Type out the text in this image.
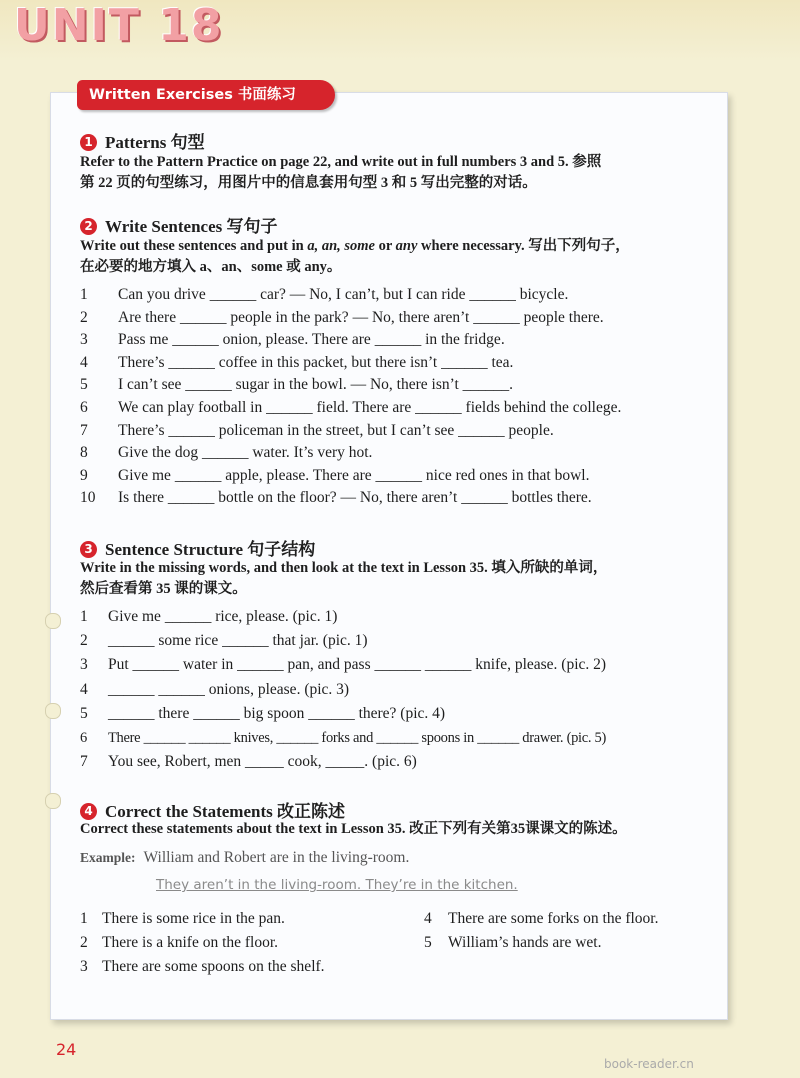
UNIT 18
Written Exercises 书面练习
1 Patterns 句型
Refer to the Pattern Practice on page 22, and write out in full numbers 3 and 5. 参照
第 22 页的句型练习，用图片中的信息套用句型 3 和 5 写出完整的对话。
2 Write Sentences 写句子
Write out these sentences and put in a, an, some or any where necessary. 写出下列句子，
在必要的地方填入 a、an、some 或 any。
1 Can you drive ______ car? — No, I can’t, but I can ride ______ bicycle.
2 Are there ______ people in the park? — No, there aren’t ______ people there.
3 Pass me ______ onion, please. There are ______ in the fridge.
4 There’s ______ coffee in this packet, but there isn’t ______ tea.
5 I can’t see ______ sugar in the bowl. — No, there isn’t ______.
6 We can play football in ______ field. There are ______ fields behind the college.
7 There’s ______ policeman in the street, but I can’t see ______ people.
8 Give the dog ______ water. It’s very hot.
9 Give me ______ apple, please. There are ______ nice red ones in that bowl.
10 Is there ______ bottle on the floor? — No, there aren’t ______ bottles there.
3 Sentence Structure 句子结构
Write in the missing words, and then look at the text in Lesson 35. 填入所缺的单词，
然后查看第 35 课的课文。
1 Give me ______ rice, please. (pic. 1)
2 ______ some rice ______ that jar. (pic. 1)
3 Put ______ water in ______ pan, and pass ______ ______ knife, please. (pic. 2)
4 ______ ______ onions, please. (pic. 3)
5 ______ there ______ big spoon ______ there? (pic. 4)
6 There ______ ______ knives, ______ forks and ______ spoons in ______ drawer. (pic. 5)
7 You see, Robert, men _____ cook, _____. (pic. 6)
4 Correct the Statements 改正陈述
Correct these statements about the text in Lesson 35. 改正下列有关第35课课文的陈述。
Example: William and Robert are in the living-room.
They aren’t in the living-room. They’re in the kitchen.
1 There is some rice in the pan.
2 There is a knife on the floor.
3 There are some spoons on the shelf.
4 There are some forks on the floor.
5 William’s hands are wet.
24
book-reader.cn
